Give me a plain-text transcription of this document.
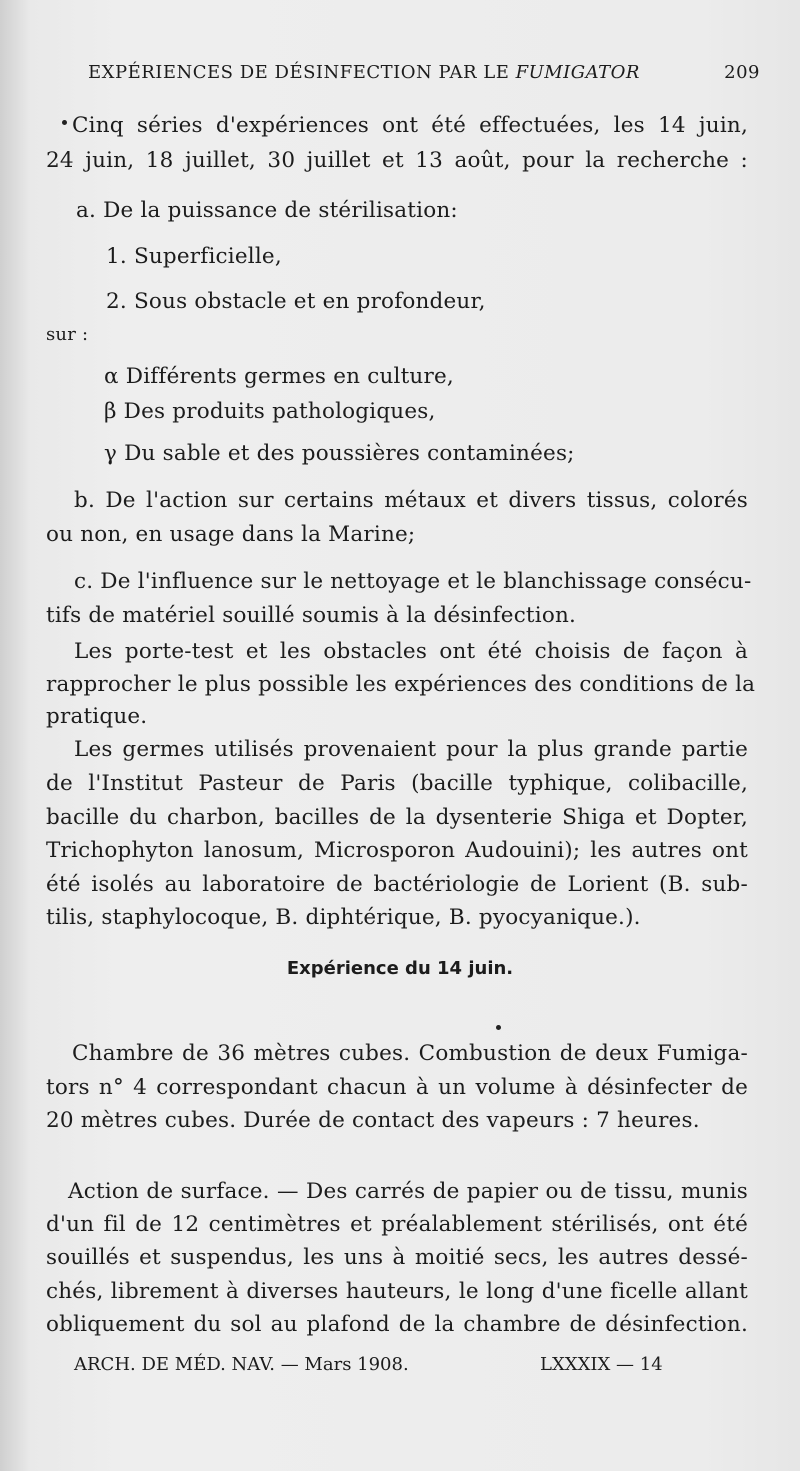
EXPÉRIENCES DE DÉSINFECTION PAR LE FUMIGATOR	209
Cinq séries d'expériences ont été effectuées, les 14 juin,
24 juin, 18 juillet, 30 juillet et 13 août, pour la recherche :
a. De la puissance de stérilisation:
1. Superficielle,
2. Sous obstacle et en profondeur,
sur :
α Différents germes en culture,
β Des produits pathologiques,
γ Du sable et des poussières contaminées;
b. De l'action sur certains métaux et divers tissus, colorés
ou non, en usage dans la Marine;
c. De l'influence sur le nettoyage et le blanchissage consécu-
tifs de matériel souillé soumis à la désinfection.
Les porte-test et les obstacles ont été choisis de façon à
rapprocher le plus possible les expériences des conditions de la
pratique.
Les germes utilisés provenaient pour la plus grande partie
de l'Institut Pasteur de Paris (bacille typhique, colibacille,
bacille du charbon, bacilles de la dysenterie Shiga et Dopter,
Trichophyton lanosum, Microsporon Audouini); les autres ont
été isolés au laboratoire de bactériologie de Lorient (B. sub-
tilis, staphylocoque, B. diphtérique, B. pyocyanique.).
Expérience du 14 juin.
Chambre de 36 mètres cubes. Combustion de deux Fumiga-
tors n° 4 correspondant chacun à un volume à désinfecter de
20 mètres cubes. Durée de contact des vapeurs : 7 heures.
Action de surface. — Des carrés de papier ou de tissu, munis
d'un fil de 12 centimètres et préalablement stérilisés, ont été
souillés et suspendus, les uns à moitié secs, les autres dessé-
chés, librement à diverses hauteurs, le long d'une ficelle allant
obliquement du sol au plafond de la chambre de désinfection.
ARCH. DE MÉD. NAV. — Mars 1908.	LXXXIX — 14
